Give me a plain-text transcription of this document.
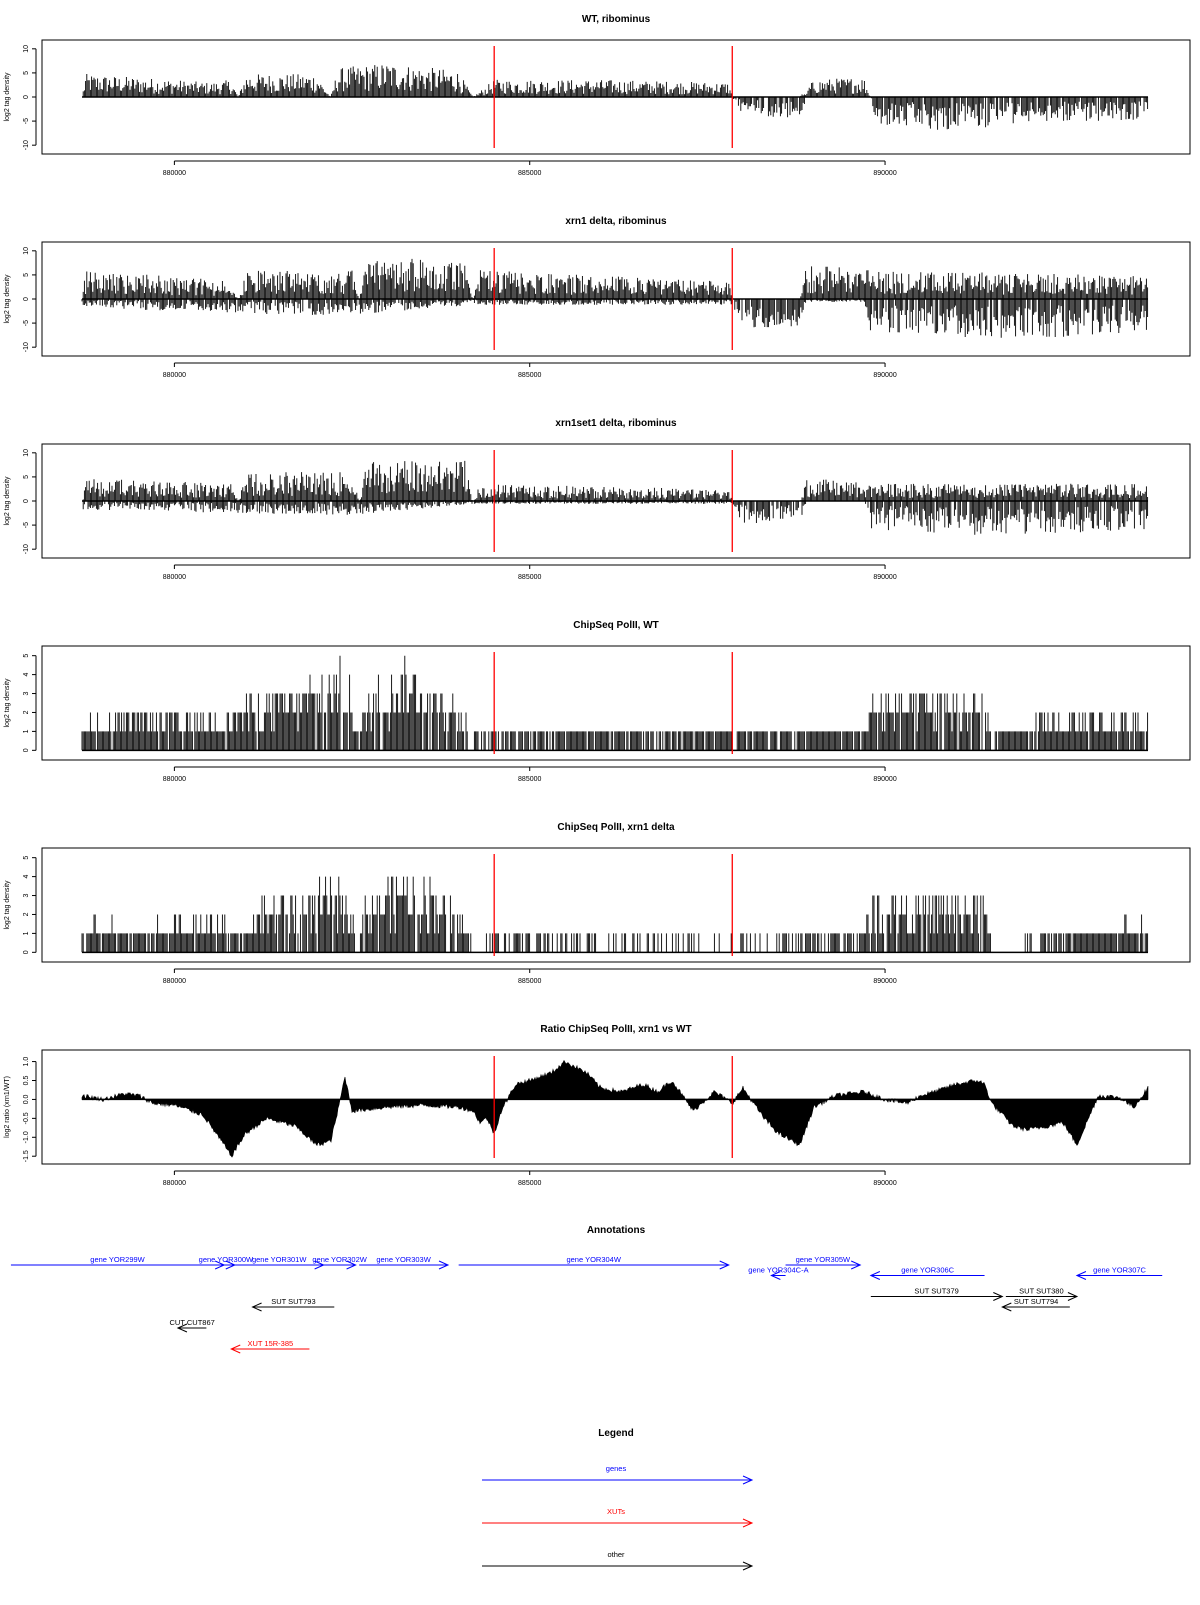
WT, ribominus
-10
-5
0
5
10
log2 tag density
880000	885000	890000
xrn1 delta, ribominus
-10
-5
0
5
10
log2 tag density
880000	885000	890000
xrn1set1 delta, ribominus
-10
-5
0
5
10
log2 tag density
880000	885000	890000
ChipSeq PolII, WT
0
1
2
3
4
5
log2 tag density
880000	885000	890000
ChipSeq PolII, xrn1 delta
0
1
2
3
4
5
log2 tag density
880000	885000	890000
Ratio ChipSeq PolII, xrn1 vs WT
-1.5
-1.0
-0.5
0.0
0.5
1.0
log2 ratio (xrn1/WT)
880000	885000	890000
Annotations
gene YOR299W	gene YOR300W
gene YOR301W gene YOR302W gene YOR303W	gene YOR304W
gene YOR304C-A
gene YOR305W
gene YOR306C	gene YOR307C
SUT SUT793
CUT CUT867
XUT 15R-385
SUT SUT379	SUT SUT380
SUT SUT794
Legend
genes
XUTs
other
